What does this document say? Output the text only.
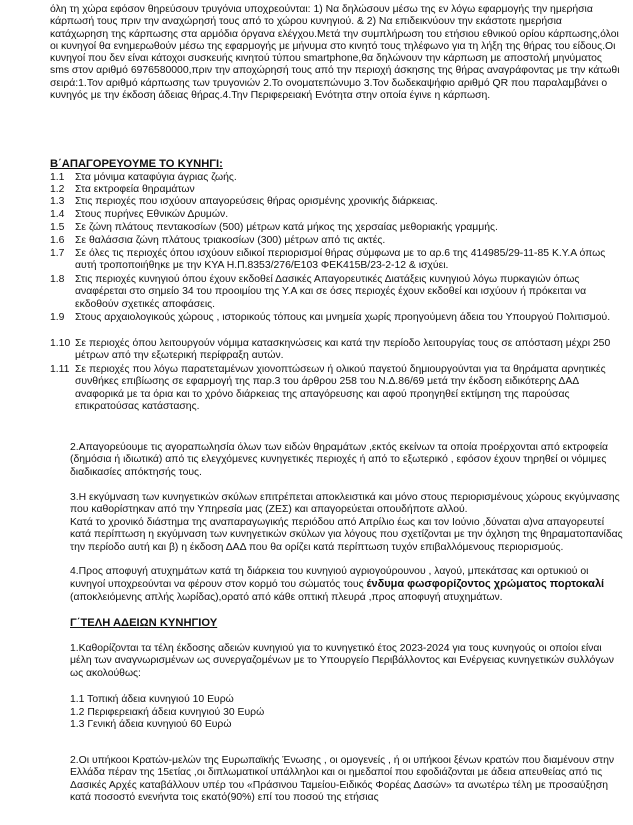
όλη τη χώρα εφόσον θηρεύσουν τρυγόνια υποχρεούνται: 1) Να δηλώσουν μέσω της εν λόγω εφαρμογής την ημερήσια κάρπωσή τους πριν την αναχώρησή τους από το χώρου κυνηγιού. & 2) Να επιδεικνύουν την εκάστοτε ημερήσια κατάχωρηση της κάρπωσης στα αρμόδια όργανα ελέγχου.Μετά την συμπλήρωση του ετήσιου εθνικού ορίου κάρπωσης,όλοι οι κυνηγοί θα ενημερωθούν μέσω της εφαρμογής με μήνυμα στο κινητό τους τηλέφωνο για τη λήξη της θήρας του είδους.Οι κυνηγοί που δεν είναι κάτοχοι συσκευής κινητού τύπου smartphone,θα δηλώνουν την κάρπωση με αποστολή μηνύματος sms στον αριθμό 6976580000,πριν την αποχώρησή τους από την περιοχή άσκησης της θήρας αναγράφοντας με την κάτωθι σειρά:1.Τον αριθμό κάρπωσης των τρυγονιών 2.Το ονοματεπώνυμο 3.Τον δωδεκαψήφιο αριθμό QR που παραλαμβάνει ο κυνηγός με την έκδοση άδειας θήρας.4.Την Περιφερειακή Ενότητα στην οποία έγινε η κάρπωση.

Β΄ΑΠΑΓΟΡΕΥΟΥΜΕ ΤΟ ΚΥΝΗΓΙ:
1.1 Στα μόνιμα καταφύγια άγριας ζωής.
1.2 Στα εκτροφεία θηραμάτων
1.3 Στις περιοχές που ισχύουν απαγορεύσεις θήρας ορισμένης χρονικής διάρκειας.
1.4 Στους πυρήνες Εθνικών Δρυμών.
1.5 Σε ζώνη πλάτους πεντακοσίων (500) μέτρων κατά μήκος της χερσαίας μεθοριακής γραμμής.
1.6 Σε θαλάσσια ζώνη πλάτους τριακοσίων (300) μέτρων από τις ακτές.
1.7 Σε όλες τις περιοχές όπου ισχύουν ειδικοί περιορισμοί θήρας σύμφωνα με το αρ.6 της 414985/29-11-85 Κ.Υ.Α όπως αυτή τροποποιήθηκε με την ΚΥΑ Η.Π.8353/276/Ε103 ΦΕΚ415Β/23-2-12 & ισχύει.
1.8 Στις περιοχές κυνηγιού όπου έχουν εκδοθεί Δασικές Απαγορευτικές Διατάξεις κυνηγιού λόγω πυρκαγιών όπως αναφέρεται στο σημείο 34 του προοιμίου της Υ.Α και σε όσες περιοχές έχουν εκδοθεί και ισχύουν ή πρόκειται να εκδοθούν σχετικές αποφάσεις.
1.9 Στους αρχαιολογικούς χώρους , ιστορικούς τόπους και μνημεία χωρίς προηγούμενη άδεια του Υπουργού Πολιτισμού.
1.10 Σε περιοχές όπου λειτουργούν νόμιμα κατασκηνώσεις και κατά την περίοδο λειτουργίας τους σε απόσταση μέχρι 250 μέτρων από την εξωτερική περίφραξη αυτών.
1.11 Σε περιοχές που λόγω παρατεταμένων χιονοπτώσεων ή ολικού παγετού δημιουργούνται για τα θηράματα αρνητικές συνθήκες επιβίωσης σε εφαρμογή της παρ.3 του άρθρου 258 του Ν.Δ.86/69 μετά την έκδοση ειδικότερης ΔΑΔ αναφορικά με τα όρια και το χρόνο διάρκειας της απαγόρευσης και αφού προηγηθεί εκτίμηση της παρούσας επικρατούσας κατάστασης.

2.Απαγορεύουμε τις αγοραπωλησία όλων των ειδών θηραμάτων ,εκτός εκείνων τα οποία προέρχονται από εκτροφεία (δημόσια ή ιδιωτικά) από τις ελεγχόμενες κυνηγετικές περιοχές ή από το εξωτερικό , εφόσον έχουν τηρηθεί οι νόμιμες διαδικασίες απόκτησής τους.

3.Η εκγύμναση των κυνηγετικών σκύλων επιτρέπεται αποκλειστικά και μόνο στους περιορισμένους χώρους εκγύμνασης που καθορίστηκαν από την Υπηρεσία μας (ΖΕΣ) και απαγορεύεται οπουδήποτε αλλού.

Κατά το χρονικό διάστημα της αναπαραγωγικής περιόδου από Απρίλιο έως και τον Ιούνιο ,δύναται α)να απαγορευτεί κατά περίπτωση η εκγύμναση των κυνηγετικών σκύλων για λόγους που σχετίζονται με την όχληση της θηραματοπανίδας την περίοδο αυτή και β) η έκδοση ΔΑΔ που θα ορίζει κατά περίπτωση τυχόν επιβαλλόμενους περιορισμούς.

4.Προς αποφυγή ατυχημάτων κατά τη διάρκεια του κυνηγιού αγριογούρουνου , λαγού, μπεκάτσας και ορτυκιού οι κυνηγοί υποχρεούνται να φέρουν στον κορμό του σώματός τους ένδυμα φωσφορίζοντος χρώματος πορτοκαλί (αποκλειόμενης απλής λωρίδας),ορατό από κάθε οπτική πλευρά ,προς αποφυγή ατυχημάτων.

Γ΄ΤΕΛΗ ΑΔΕΙΩΝ ΚΥΝΗΓΙΟΥ

1.Καθορίζονται τα τέλη έκδοσης αδειών κυνηγιού για το κυνηγετικό έτος 2023-2024 για τους κυνηγούς οι οποίοι είναι μέλη των αναγνωρισμένων ως συνεργαζομένων με το Υπουργείο Περιβάλλοντος και Ενέργειας κυνηγετικών συλλόγων ως ακολούθως:

1.1 Τοπική άδεια κυνηγιού 10 Ευρώ
1.2 Περιφερειακή άδεια κυνηγιού 30 Ευρώ
1.3 Γενική άδεια κυνηγιού 60 Ευρώ

2.Οι υπήκοοι Κρατών-μελών της Ευρωπαϊκής Ένωσης , οι ομογενείς , ή οι υπήκοοι ξένων κρατών που διαμένουν στην Ελλάδα πέραν της 15ετίας ,οι διπλωματικοί υπάλληλοι και οι ημεδαποί που εφοδιάζονται με άδεια απευθείας από τις Δασικές Αρχές καταβάλλουν υπέρ του «Πράσινου Ταμείου-Ειδικός Φορέας Δασών» τα ανωτέρω τέλη με προσαύξηση κατά ποσοστό ενενήντα τοις εκατό(90%) επί του ποσού της ετήσιας
